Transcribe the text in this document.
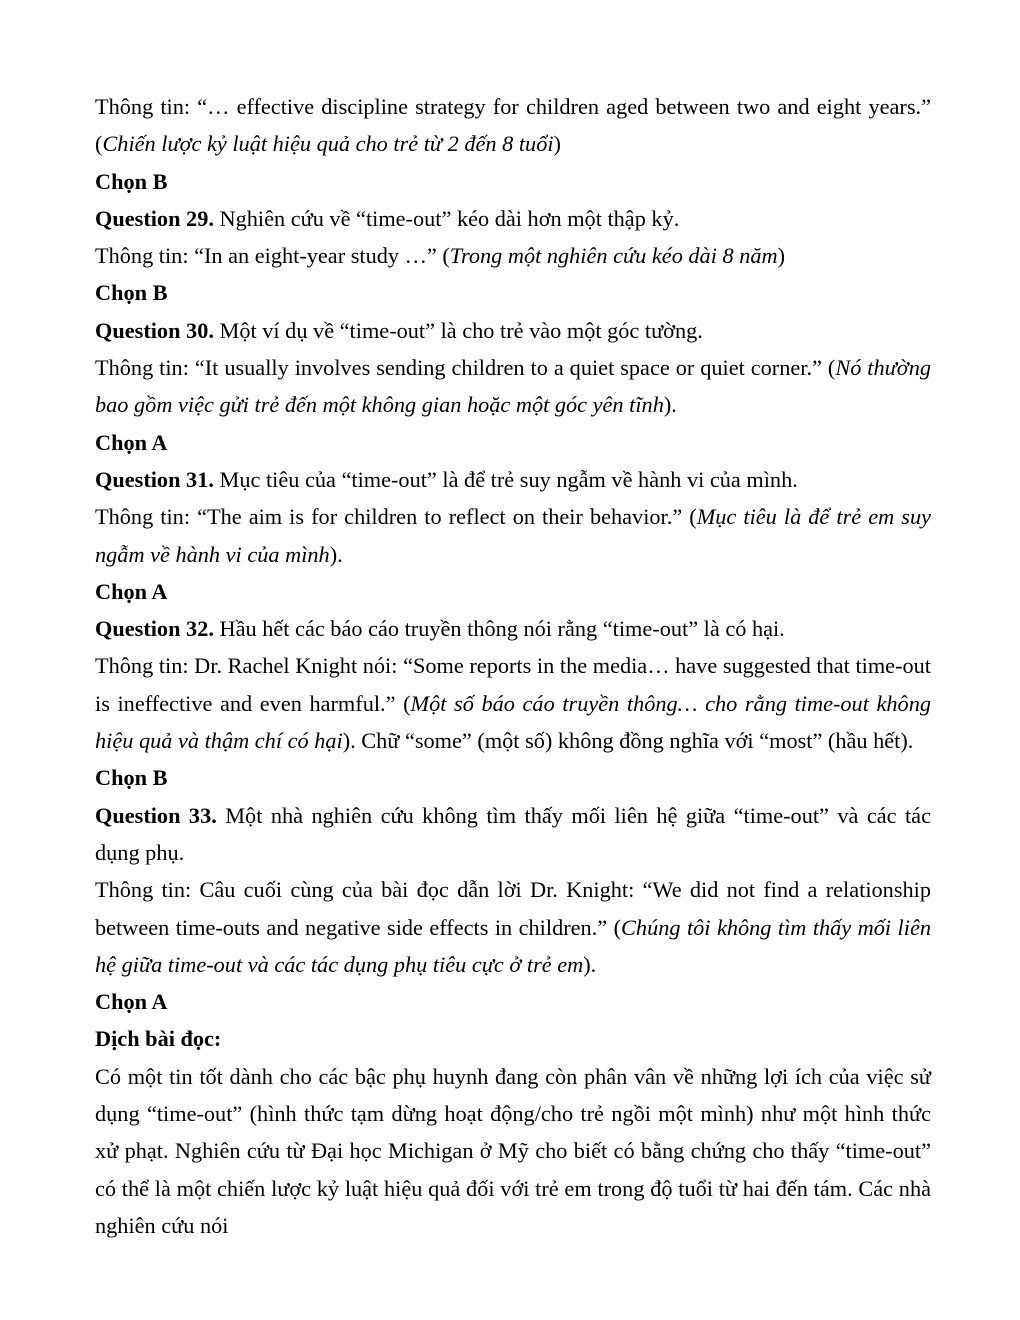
Thông tin: “… effective discipline strategy for children aged between two and eight years.” (Chiến lược kỷ luật hiệu quả cho trẻ từ 2 đến 8 tuổi)

Chọn B

Question 29. Nghiên cứu về “time-out” kéo dài hơn một thập kỷ.

Thông tin: “In an eight-year study …” (Trong một nghiên cứu kéo dài 8 năm)

Chọn B

Question 30. Một ví dụ về “time-out” là cho trẻ vào một góc tường.

Thông tin: “It usually involves sending children to a quiet space or quiet corner.” (Nó thường bao gồm việc gửi trẻ đến một không gian hoặc một góc yên tĩnh).

Chọn A

Question 31. Mục tiêu của “time-out” là để trẻ suy ngẫm về hành vi của mình.

Thông tin: “The aim is for children to reflect on their behavior.” (Mục tiêu là để trẻ em suy ngẫm về hành vi của mình).

Chọn A

Question 32. Hầu hết các báo cáo truyền thông nói rằng “time-out” là có hại.

Thông tin: Dr. Rachel Knight nói: “Some reports in the media… have suggested that time-out is ineffective and even harmful.” (Một số báo cáo truyền thông… cho rằng time-out không hiệu quả và thậm chí có hại). Chữ “some” (một số) không đồng nghĩa với “most” (hầu hết).

Chọn B

Question 33. Một nhà nghiên cứu không tìm thấy mối liên hệ giữa “time-out” và các tác dụng phụ.

Thông tin: Câu cuối cùng của bài đọc dẫn lời Dr. Knight: “We did not find a relationship between time-outs and negative side effects in children.” (Chúng tôi không tìm thấy mối liên hệ giữa time-out và các tác dụng phụ tiêu cực ở trẻ em).

Chọn A

Dịch bài đọc:

Có một tin tốt dành cho các bậc phụ huynh đang còn phân vân về những lợi ích của việc sử dụng “time-out” (hình thức tạm dừng hoạt động/cho trẻ ngồi một mình) như một hình thức xử phạt. Nghiên cứu từ Đại học Michigan ở Mỹ cho biết có bằng chứng cho thấy “time-out” có thể là một chiến lược kỷ luật hiệu quả đối với trẻ em trong độ tuổi từ hai đến tám. Các nhà nghiên cứu nói
